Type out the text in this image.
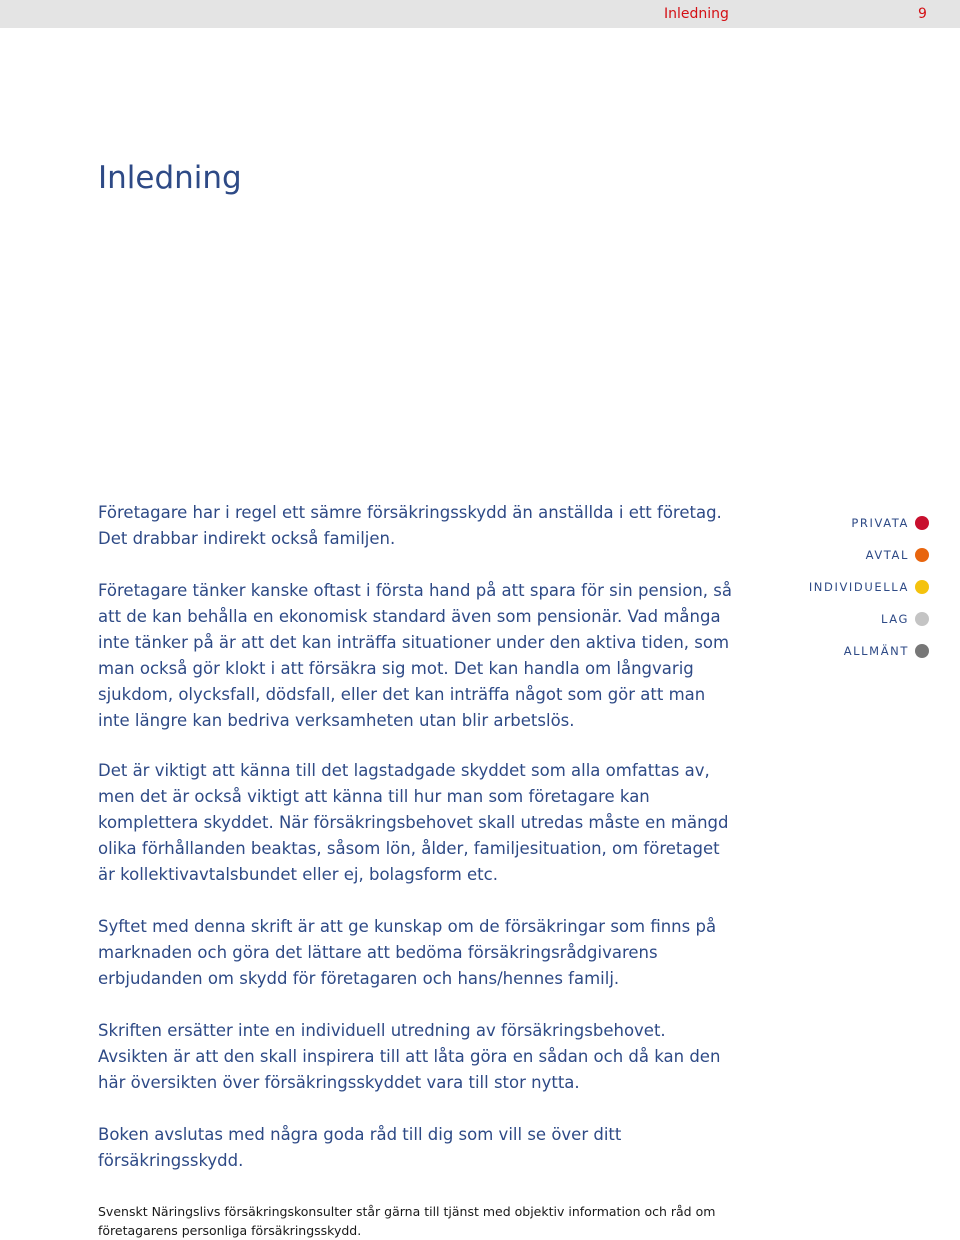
Inledning	9
Inledning

Företagare har i regel ett sämre försäkringsskydd än anställda i ett företag. Det drabbar indirekt också familjen.

Företagare tänker kanske oftast i första hand på att spara för sin pension, så att de kan behålla en ekonomisk standard även som pensionär. Vad många inte tänker på är att det kan inträffa situationer under den aktiva tiden, som man också gör klokt i att försäkra sig mot. Det kan handla om långvarig sjukdom, olycksfall, dödsfall, eller det kan inträffa något som gör att man inte längre kan bedriva verksamheten utan blir arbetslös.

PRIVATA
AVTAL
INDIVIDUELLA
LAG
ALLMÄNT

Det är viktigt att känna till det lagstadgade skyddet som alla omfattas av, men det är också viktigt att känna till hur man som företagare kan komplettera skyddet. När försäkringsbehovet skall utredas måste en mängd olika förhållanden beaktas, såsom lön, ålder, familjesituation, om företaget är kollektivavtalsbundet eller ej, bolagsform etc.

Syftet med denna skrift är att ge kunskap om de försäkringar som finns på marknaden och göra det lättare att bedöma försäkringsrådgivarens erbjudanden om skydd för företagaren och hans/hennes familj.

Skriften ersätter inte en individuell utredning av försäkringsbehovet. Avsikten är att den skall inspirera till att låta göra en sådan och då kan den här översikten över försäkringsskyddet vara till stor nytta.

Boken avslutas med några goda råd till dig som vill se över ditt försäkringsskydd.

Svenskt Näringslivs försäkringskonsulter står gärna till tjänst med objektiv information och råd om företagarens personliga försäkringsskydd.
